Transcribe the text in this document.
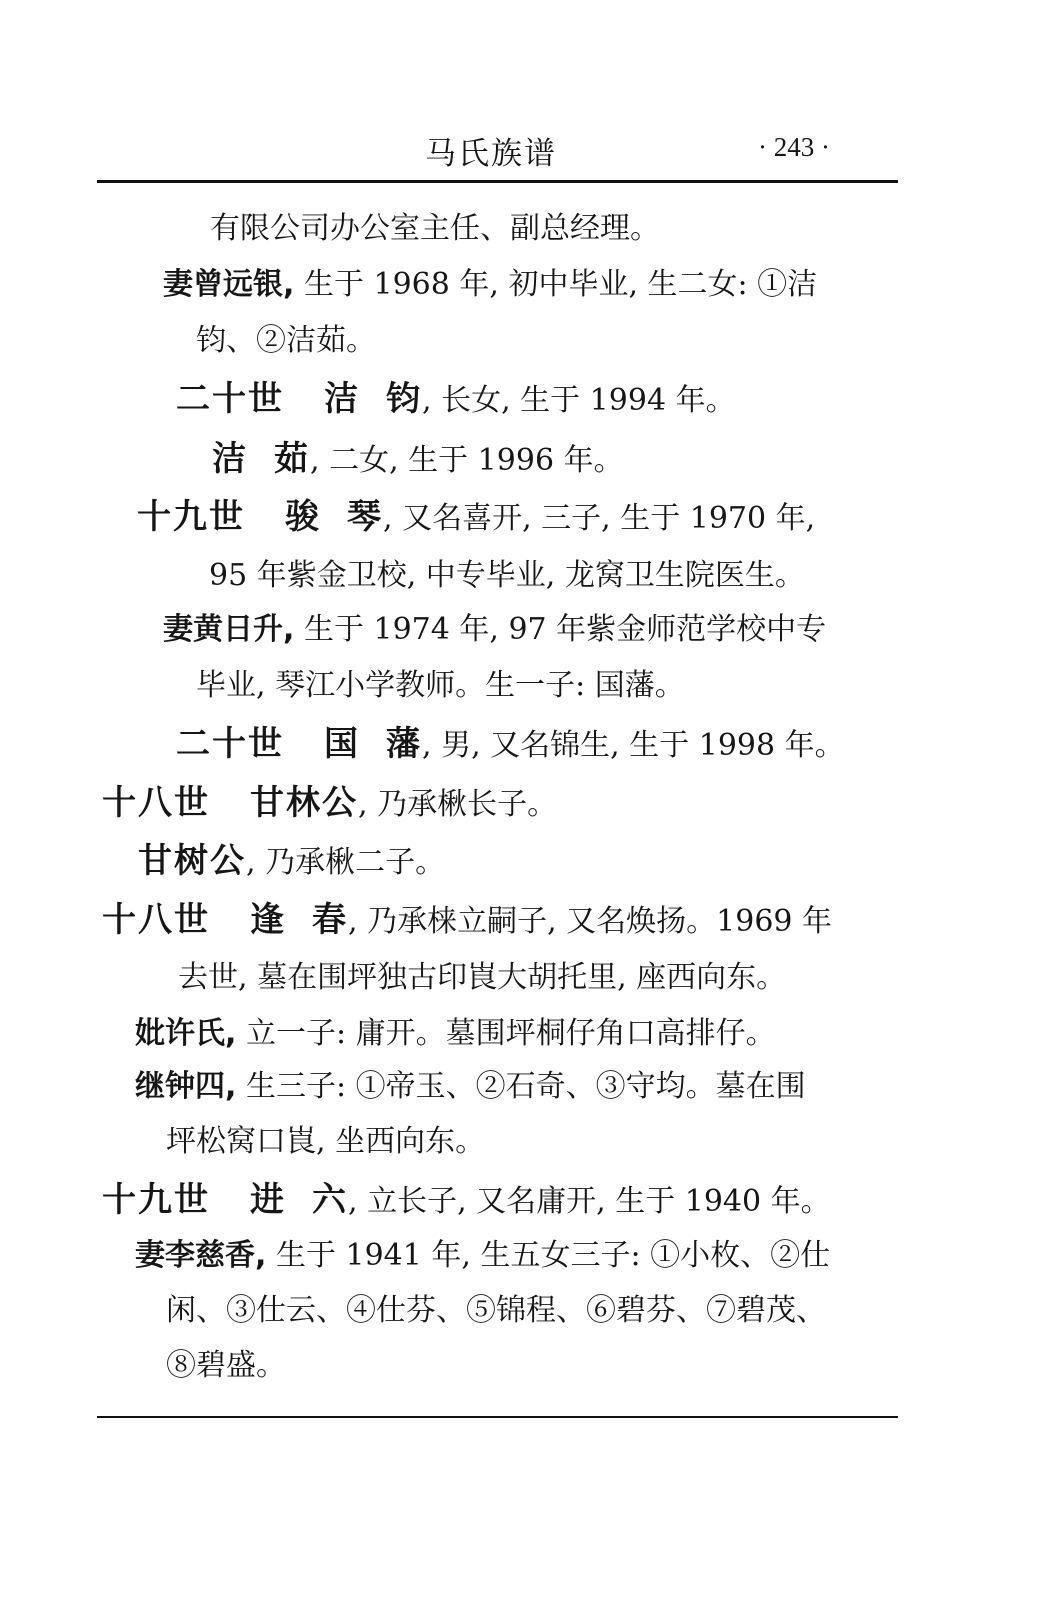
马氏族谱	· 243 ·
有限公司办公室主任、副总经理。
妻曾远银, 生于 1968 年, 初中毕业, 生二女: ①洁
钧、②洁茹。
二十世 洁 钧, 长女, 生于 1994 年。
洁 茹, 二女, 生于 1996 年。
十九世 骏 琴, 又名喜开, 三子, 生于 1970 年,
95 年紫金卫校, 中专毕业, 龙窝卫生院医生。
妻黄日升, 生于 1974 年, 97 年紫金师范学校中专
毕业, 琴江小学教师。生一子: 国藩。
二十世 国 藩, 男, 又名锦生, 生于 1998 年。
十八世 甘林公, 乃承楸长子。
甘树公, 乃承楸二子。
十八世 逢 春, 乃承梾立嗣子, 又名焕扬。1969 年
去世, 墓在围坪独古印崀大胡托里, 座西向东。
妣许氏, 立一子: 庸开。墓围坪桐仔角口高排仔。
继钟四, 生三子: ①帝玉、②石奇、③守均。墓在围
坪松窝口崀, 坐西向东。
十九世 进 六, 立长子, 又名庸开, 生于 1940 年。
妻李慈香, 生于 1941 年, 生五女三子: ①小枚、②仕
闲、③仕云、④仕芬、⑤锦程、⑥碧芬、⑦碧茂、
⑧碧盛。
